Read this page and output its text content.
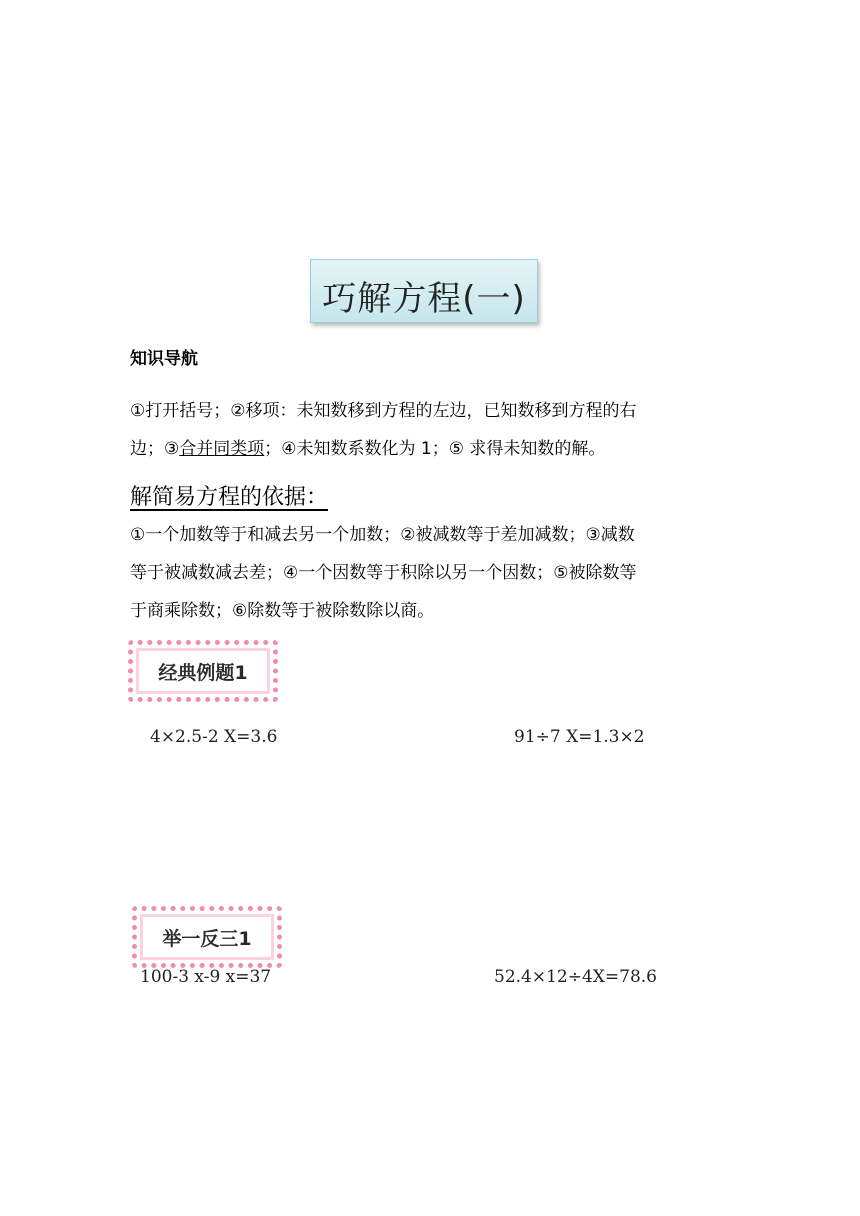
巧解方程(一)
知识导航
①打开括号；②移项：未知数移到方程的左边，已知数移到方程的右
边；③合并同类项；④未知数系数化为 1；⑤ 求得未知数的解。
解简易方程的依据：
①一个加数等于和减去另一个加数；②被减数等于差加减数；③减数
等于被减数减去差；④一个因数等于积除以另一个因数；⑤被除数等
于商乘除数；⑥除数等于被除数除以商。
经典例题1
4×2.5-2 X=3.6	91÷7 X=1.3×2
举一反三1
100-3 x-9 x=37	52.4×12÷4X=78.6
